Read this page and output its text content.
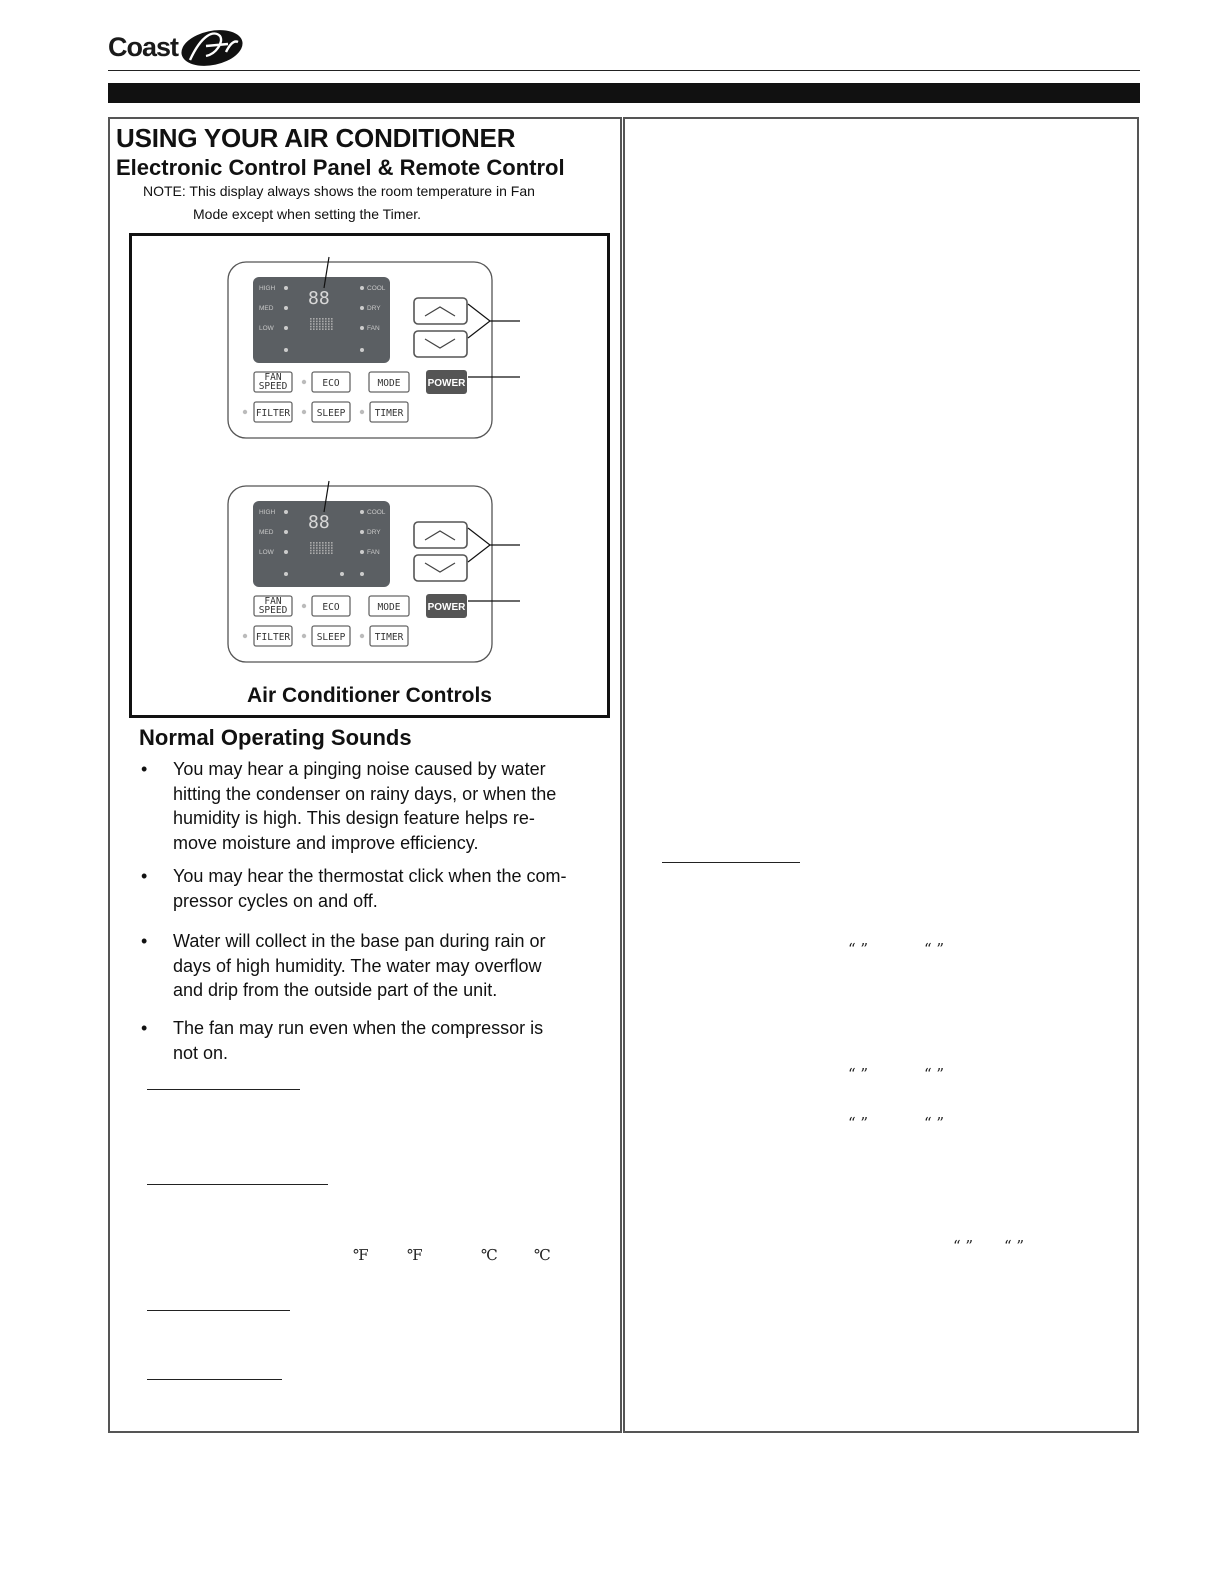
Coast
USING YOUR AIR CONDITIONER
Electronic Control Panel & Remote Control
NOTE: This display always shows the room temperature in Fan
Mode except when setting the Timer.
HIGH
MED
LOW
COOL
DRY
FAN
88
FAN
SPEED	ECO	MODE	POWER
FILTER	SLEEP	TIMER
HIGH
MED
LOW
COOL
DRY
FAN
88
FAN
SPEED	ECO	MODE	POWER
FILTER	SLEEP	TIMER
Air Conditioner Controls
Normal Operating Sounds
• You may hear a pinging noise caused by water
hitting the condenser on rainy days, or when the
humidity is high. This design feature helps re-
move moisture and improve efficiency.
• You may hear the thermostat click when the com-
pressor cycles on and off.
• Water will collect in the base pan during rain or
days of high humidity. The water may overflow
and drip from the outside part of the unit.
• The fan may run even when the compressor is
not on.
℉	℉	℃ ℃
“ ”	“ ”
“ ”	“ ”
“ ”	“ ”
“ ” “ ”
